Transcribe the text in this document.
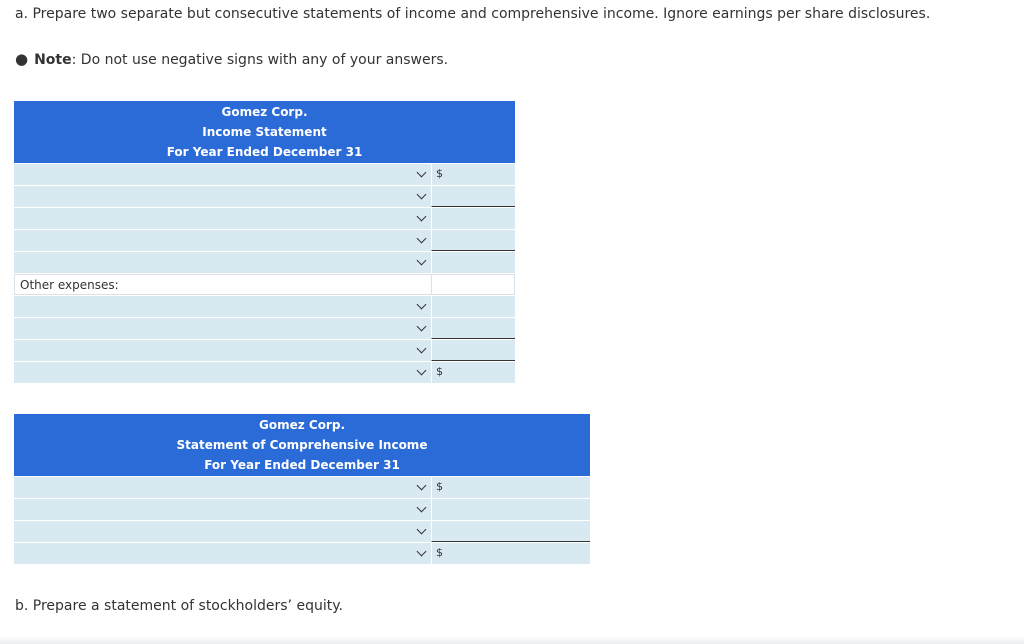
a. Prepare two separate but consecutive statements of income and comprehensive income. Ignore earnings per share disclosures.
● Note: Do not use negative signs with any of your answers.
Gomez Corp.
Income Statement
For Year Ended December 31
$
Other expenses:
$
Gomez Corp.
Statement of Comprehensive Income
For Year Ended December 31
$
$
b. Prepare a statement of stockholders’ equity.
